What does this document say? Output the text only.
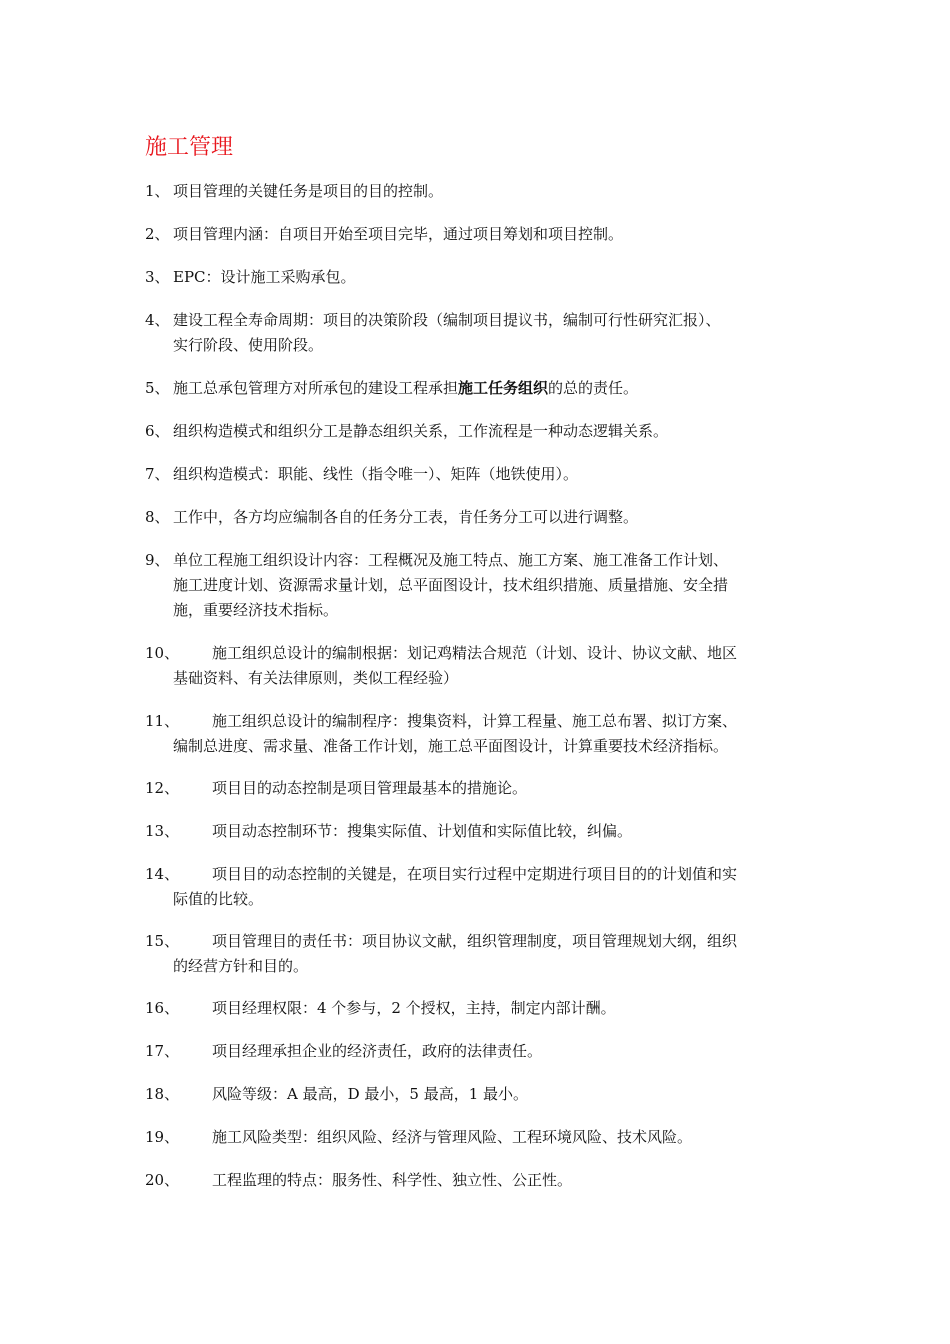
施工管理
1、 项目管理的关键任务是项目的目的控制。
2、 项目管理内涵：自项目开始至项目完毕，通过项目筹划和项目控制。
3、 EPC：设计施工采购承包。
4、 建设工程全寿命周期：项目的决策阶段（编制项目提议书，编制可行性研究汇报）、
实行阶段、使用阶段。
5、 施工总承包管理方对所承包的建设工程承担施工任务组织的总的责任。
6、 组织构造模式和组织分工是静态组织关系，工作流程是一种动态逻辑关系。
7、 组织构造模式：职能、线性（指令唯一）、矩阵（地铁使用）。
8、 工作中，各方均应编制各自的任务分工表，肯任务分工可以进行调整。
9、 单位工程施工组织设计内容：工程概况及施工特点、施工方案、施工准备工作计划、
施工进度计划、资源需求量计划，总平面图设计，技术组织措施、质量措施、安全措
施，重要经济技术指标。
10、 施工组织总设计的编制根据：划记鸡精法合规范（计划、设计、协议文献、地区
基础资料、有关法律原则，类似工程经验）
11、 施工组织总设计的编制程序：搜集资料，计算工程量、施工总布署、拟订方案、
编制总进度、需求量、准备工作计划，施工总平面图设计，计算重要技术经济指标。
12、 项目目的动态控制是项目管理最基本的措施论。
13、 项目动态控制环节：搜集实际值、计划值和实际值比较，纠偏。
14、 项目目的动态控制的关键是，在项目实行过程中定期进行项目目的的计划值和实
际值的比较。
15、 项目管理目的责任书：项目协议文献，组织管理制度，项目管理规划大纲，组织
的经营方针和目的。
16、 项目经理权限：4 个参与，2 个授权，主持，制定内部计酬。
17、 项目经理承担企业的经济责任，政府的法律责任。
18、 风险等级：A 最高，D 最小，5 最高，1 最小。
19、 施工风险类型：组织风险、经济与管理风险、工程环境风险、技术风险。
20、 工程监理的特点：服务性、科学性、独立性、公正性。
